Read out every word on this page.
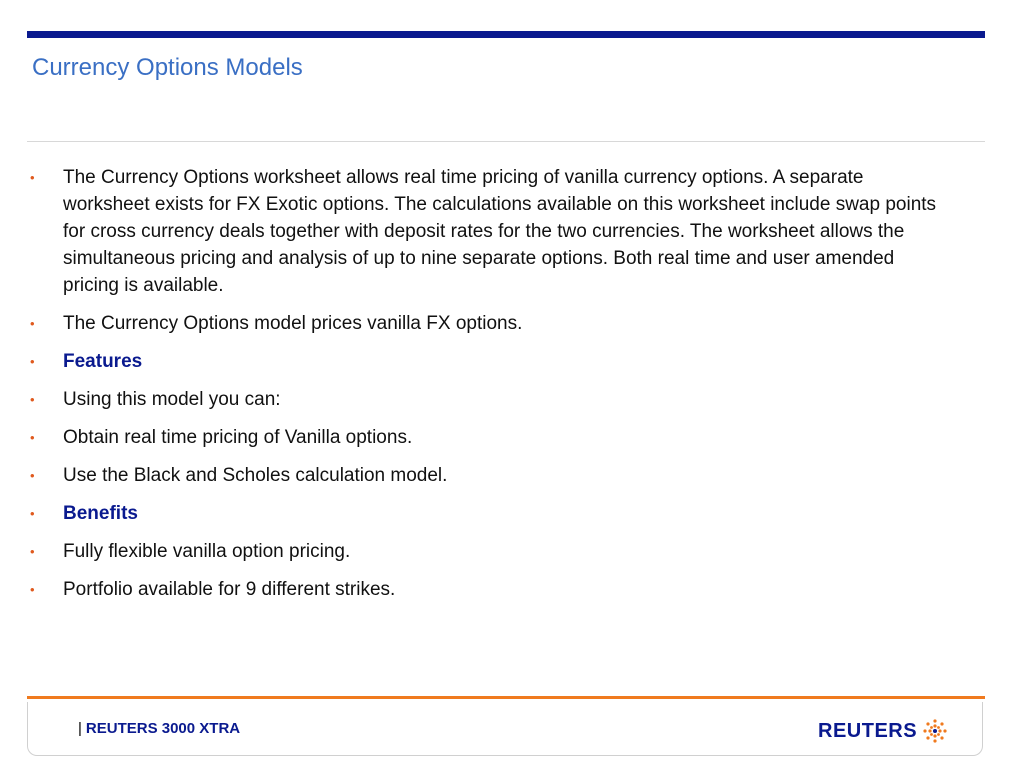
Currency Options Models
• The Currency Options worksheet allows real time pricing of vanilla currency options. A separate worksheet exists for FX Exotic options. The calculations available on this worksheet include swap points for cross currency deals together with deposit rates for the two currencies. The worksheet allows the simultaneous pricing and analysis of up to nine separate options. Both real time and user amended pricing is available.
• The Currency Options model prices vanilla FX options.
• Features
• Using this model you can:
• Obtain real time pricing of Vanilla options.
• Use the Black and Scholes calculation model.
• Benefits
• Fully flexible vanilla option pricing.
• Portfolio available for 9 different strikes.
| REUTERS 3000 XTRA	REUTERS
